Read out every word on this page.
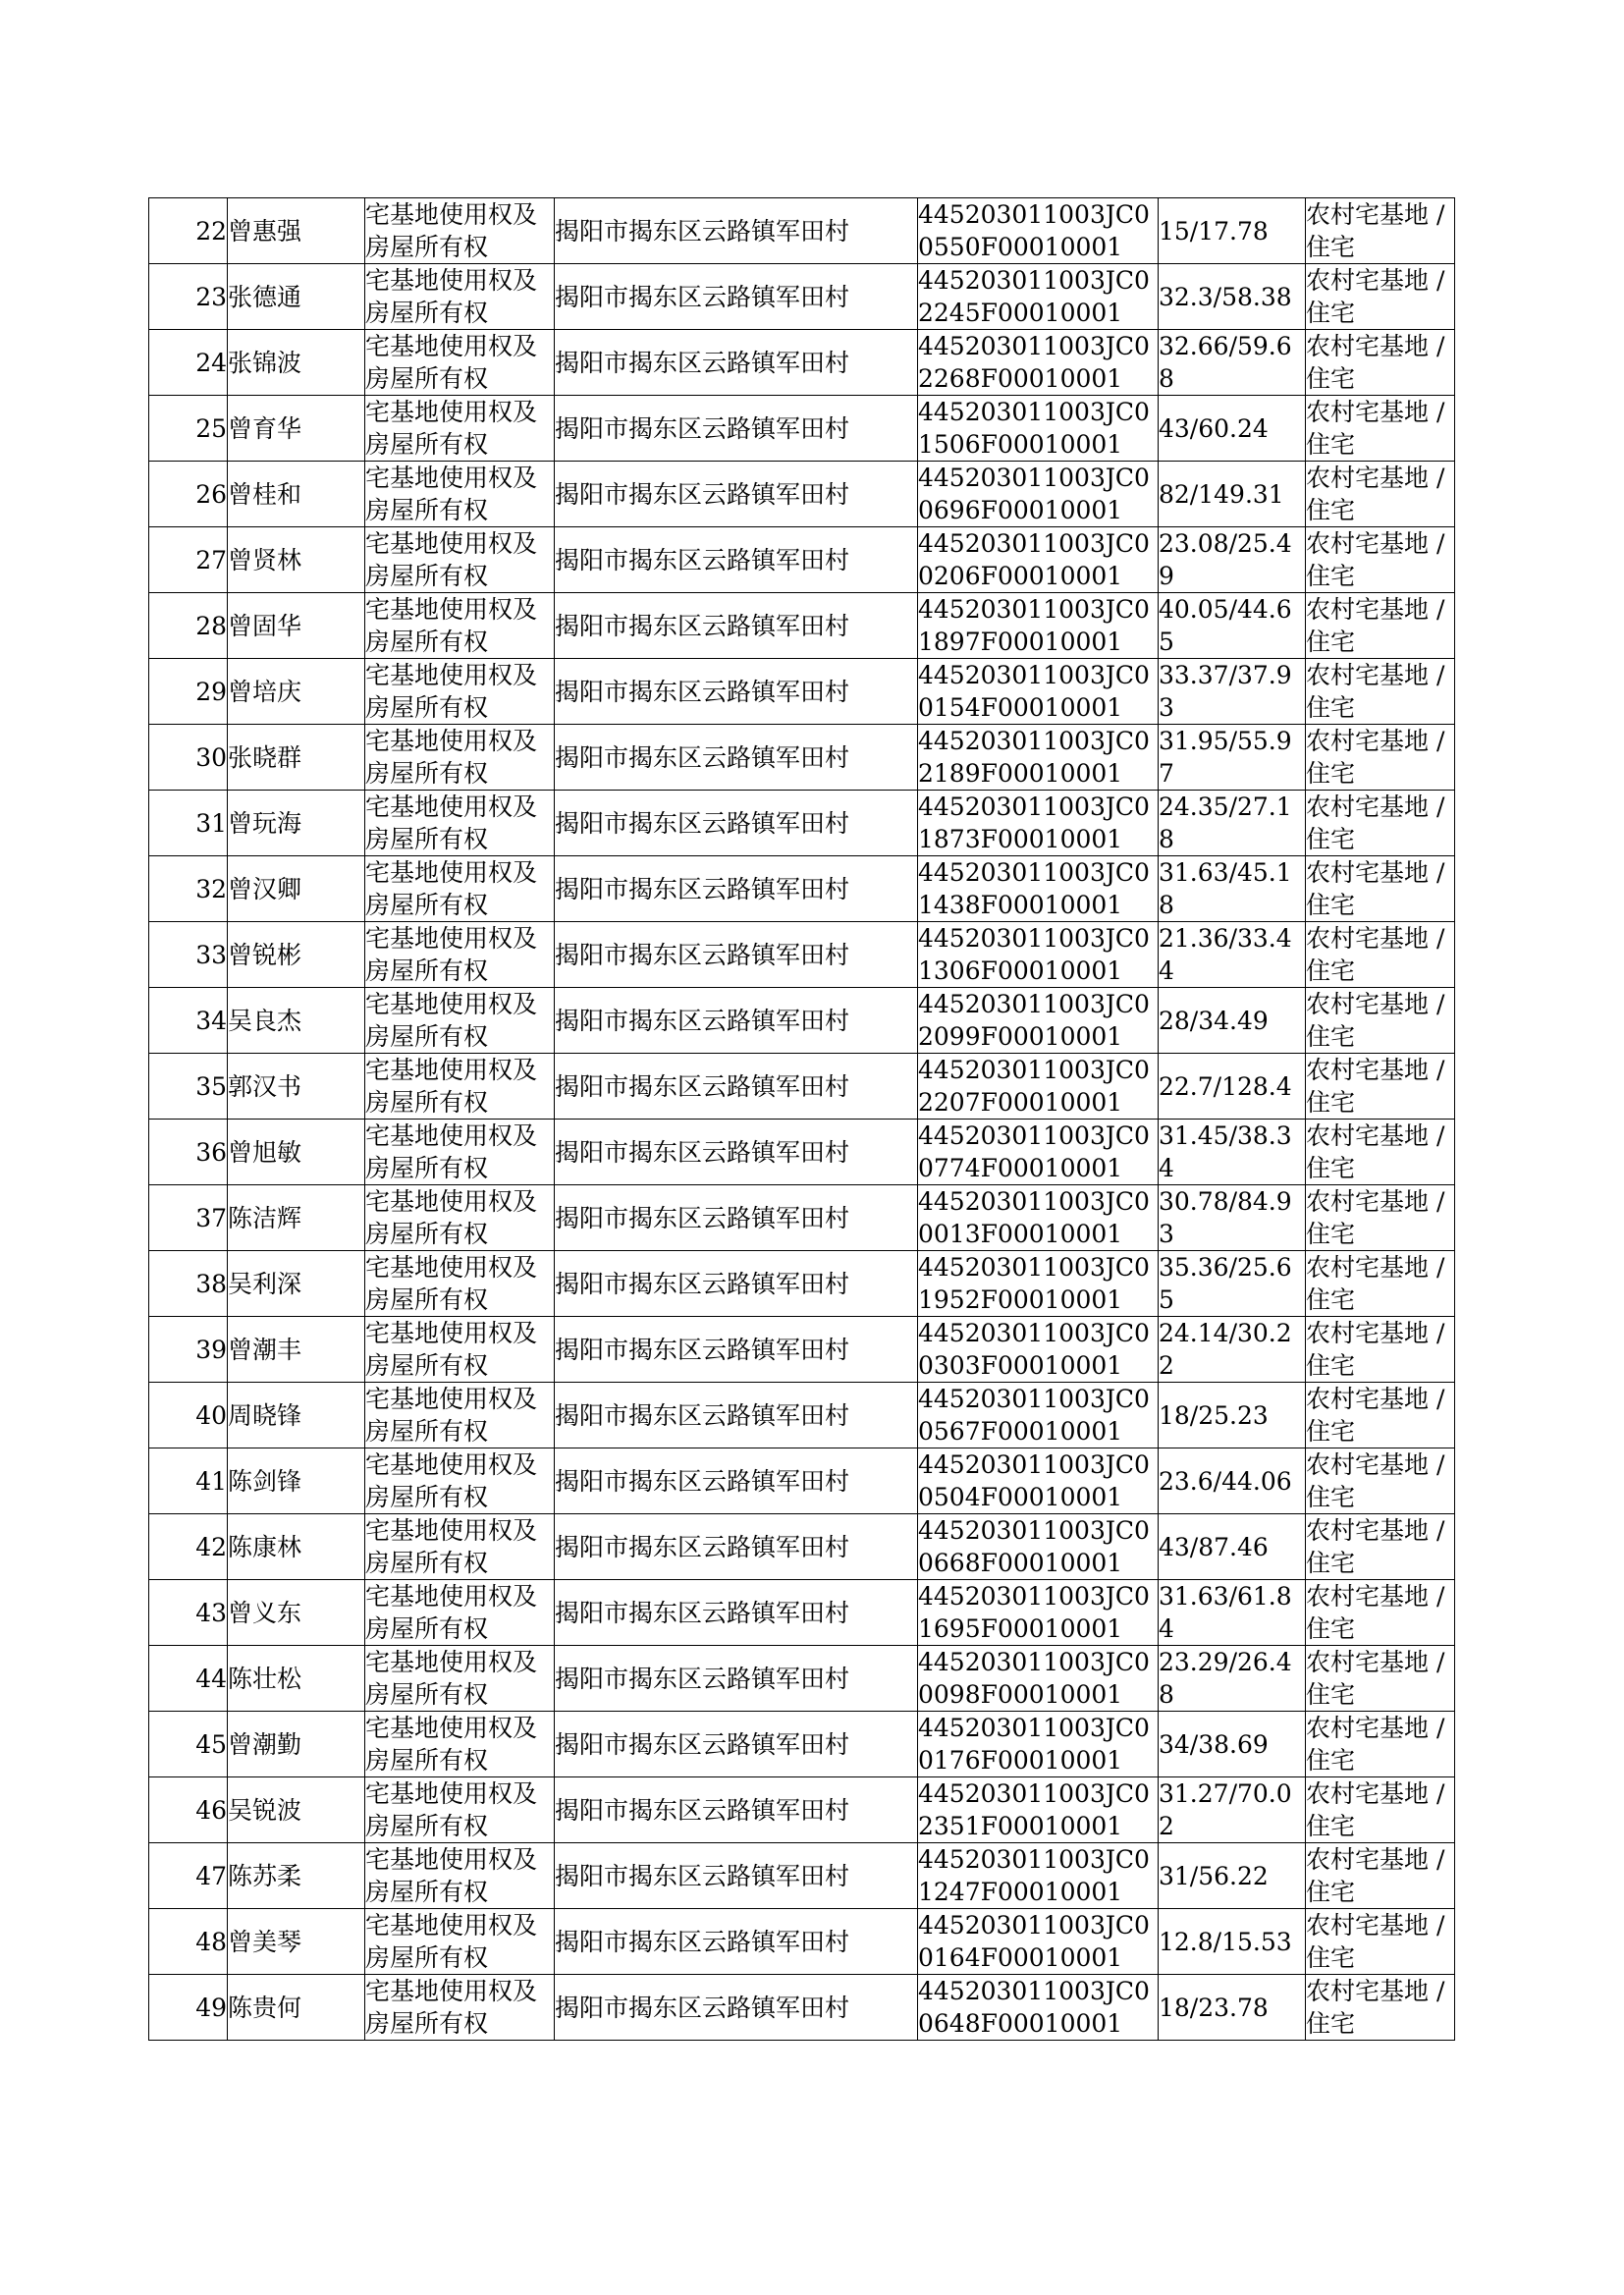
22	曾惠强	宅基地使用权及房屋所有权	揭阳市揭东区云路镇军田村	445203011003JC00550F00010001	15/17.78	农村宅基地 / 住宅
23	张德通	宅基地使用权及房屋所有权	揭阳市揭东区云路镇军田村	445203011003JC02245F00010001	32.3/58.38	农村宅基地 / 住宅
24	张锦波	宅基地使用权及房屋所有权	揭阳市揭东区云路镇军田村	445203011003JC02268F00010001	32.66/59.68	农村宅基地 / 住宅
25	曾育华	宅基地使用权及房屋所有权	揭阳市揭东区云路镇军田村	445203011003JC01506F00010001	43/60.24	农村宅基地 / 住宅
26	曾桂和	宅基地使用权及房屋所有权	揭阳市揭东区云路镇军田村	445203011003JC00696F00010001	82/149.31	农村宅基地 / 住宅
27	曾贤林	宅基地使用权及房屋所有权	揭阳市揭东区云路镇军田村	445203011003JC00206F00010001	23.08/25.49	农村宅基地 / 住宅
28	曾固华	宅基地使用权及房屋所有权	揭阳市揭东区云路镇军田村	445203011003JC01897F00010001	40.05/44.65	农村宅基地 / 住宅
29	曾培庆	宅基地使用权及房屋所有权	揭阳市揭东区云路镇军田村	445203011003JC00154F00010001	33.37/37.93	农村宅基地 / 住宅
30	张晓群	宅基地使用权及房屋所有权	揭阳市揭东区云路镇军田村	445203011003JC02189F00010001	31.95/55.97	农村宅基地 / 住宅
31	曾玩海	宅基地使用权及房屋所有权	揭阳市揭东区云路镇军田村	445203011003JC01873F00010001	24.35/27.18	农村宅基地 / 住宅
32	曾汉卿	宅基地使用权及房屋所有权	揭阳市揭东区云路镇军田村	445203011003JC01438F00010001	31.63/45.18	农村宅基地 / 住宅
33	曾锐彬	宅基地使用权及房屋所有权	揭阳市揭东区云路镇军田村	445203011003JC01306F00010001	21.36/33.44	农村宅基地 / 住宅
34	吴良杰	宅基地使用权及房屋所有权	揭阳市揭东区云路镇军田村	445203011003JC02099F00010001	28/34.49	农村宅基地 / 住宅
35	郭汉书	宅基地使用权及房屋所有权	揭阳市揭东区云路镇军田村	445203011003JC02207F00010001	22.7/128.4	农村宅基地 / 住宅
36	曾旭敏	宅基地使用权及房屋所有权	揭阳市揭东区云路镇军田村	445203011003JC00774F00010001	31.45/38.34	农村宅基地 / 住宅
37	陈洁辉	宅基地使用权及房屋所有权	揭阳市揭东区云路镇军田村	445203011003JC00013F00010001	30.78/84.93	农村宅基地 / 住宅
38	吴利深	宅基地使用权及房屋所有权	揭阳市揭东区云路镇军田村	445203011003JC01952F00010001	35.36/25.65	农村宅基地 / 住宅
39	曾潮丰	宅基地使用权及房屋所有权	揭阳市揭东区云路镇军田村	445203011003JC00303F00010001	24.14/30.22	农村宅基地 / 住宅
40	周晓锋	宅基地使用权及房屋所有权	揭阳市揭东区云路镇军田村	445203011003JC00567F00010001	18/25.23	农村宅基地 / 住宅
41	陈剑锋	宅基地使用权及房屋所有权	揭阳市揭东区云路镇军田村	445203011003JC00504F00010001	23.6/44.06	农村宅基地 / 住宅
42	陈康林	宅基地使用权及房屋所有权	揭阳市揭东区云路镇军田村	445203011003JC00668F00010001	43/87.46	农村宅基地 / 住宅
43	曾义东	宅基地使用权及房屋所有权	揭阳市揭东区云路镇军田村	445203011003JC01695F00010001	31.63/61.84	农村宅基地 / 住宅
44	陈壮松	宅基地使用权及房屋所有权	揭阳市揭东区云路镇军田村	445203011003JC00098F00010001	23.29/26.48	农村宅基地 / 住宅
45	曾潮勤	宅基地使用权及房屋所有权	揭阳市揭东区云路镇军田村	445203011003JC00176F00010001	34/38.69	农村宅基地 / 住宅
46	吴锐波	宅基地使用权及房屋所有权	揭阳市揭东区云路镇军田村	445203011003JC02351F00010001	31.27/70.02	农村宅基地 / 住宅
47	陈苏柔	宅基地使用权及房屋所有权	揭阳市揭东区云路镇军田村	445203011003JC01247F00010001	31/56.22	农村宅基地 / 住宅
48	曾美琴	宅基地使用权及房屋所有权	揭阳市揭东区云路镇军田村	445203011003JC00164F00010001	12.8/15.53	农村宅基地 / 住宅
49	陈贵何	宅基地使用权及房屋所有权	揭阳市揭东区云路镇军田村	445203011003JC00648F00010001	18/23.78	农村宅基地 / 住宅
